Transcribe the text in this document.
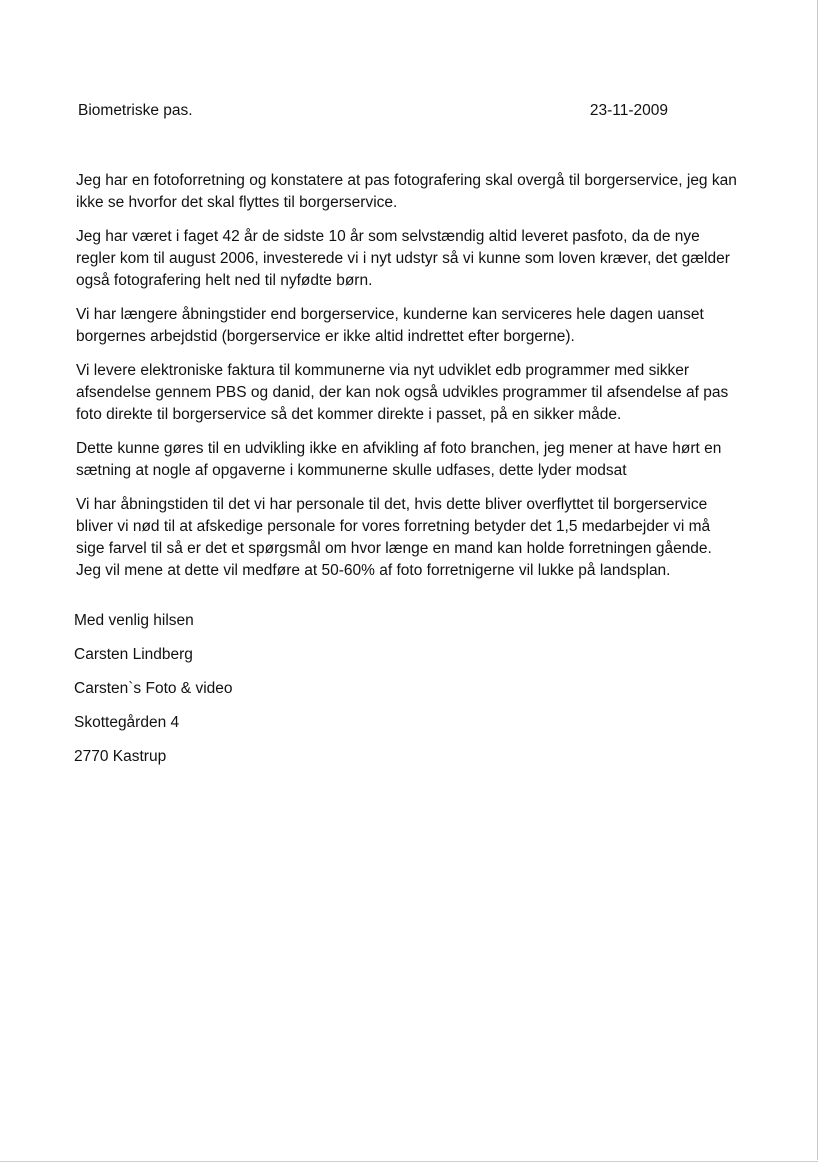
Biometriske pas.	23-11-2009

Jeg har en fotoforretning og konstatere at pas fotografering skal overgå til borgerservice, jeg kan ikke se hvorfor det skal flyttes til borgerservice.

Jeg har været i faget 42 år de sidste 10 år som selvstændig altid leveret pasfoto, da de nye regler kom til august 2006, investerede vi i nyt udstyr så vi kunne som loven kræver, det gælder også fotografering helt ned til nyfødte børn.

Vi har længere åbningstider end borgerservice, kunderne kan serviceres hele dagen uanset borgernes arbejdstid (borgerservice er ikke altid indrettet efter borgerne).

Vi levere elektroniske faktura til kommunerne via nyt udviklet edb programmer med sikker afsendelse gennem PBS og danid, der kan nok også udvikles programmer til afsendelse af pas foto direkte til borgerservice så det kommer direkte i passet, på en sikker måde.

Dette kunne gøres til en udvikling ikke en afvikling af foto branchen, jeg mener at have hørt en sætning at nogle af opgaverne i kommunerne skulle udfases, dette lyder modsat

Vi har åbningstiden til det vi har personale til det, hvis dette bliver overflyttet til borgerservice bliver vi nød til at afskedige personale for vores forretning betyder det 1,5 medarbejder vi må sige farvel til så er det et spørgsmål om hvor længe en mand kan holde forretningen gående. Jeg vil mene at dette vil medføre at 50-60% af foto forretnigerne vil lukke på landsplan.

Med venlig hilsen
Carsten Lindberg
Carsten`s Foto & video
Skottegården 4
2770 Kastrup
